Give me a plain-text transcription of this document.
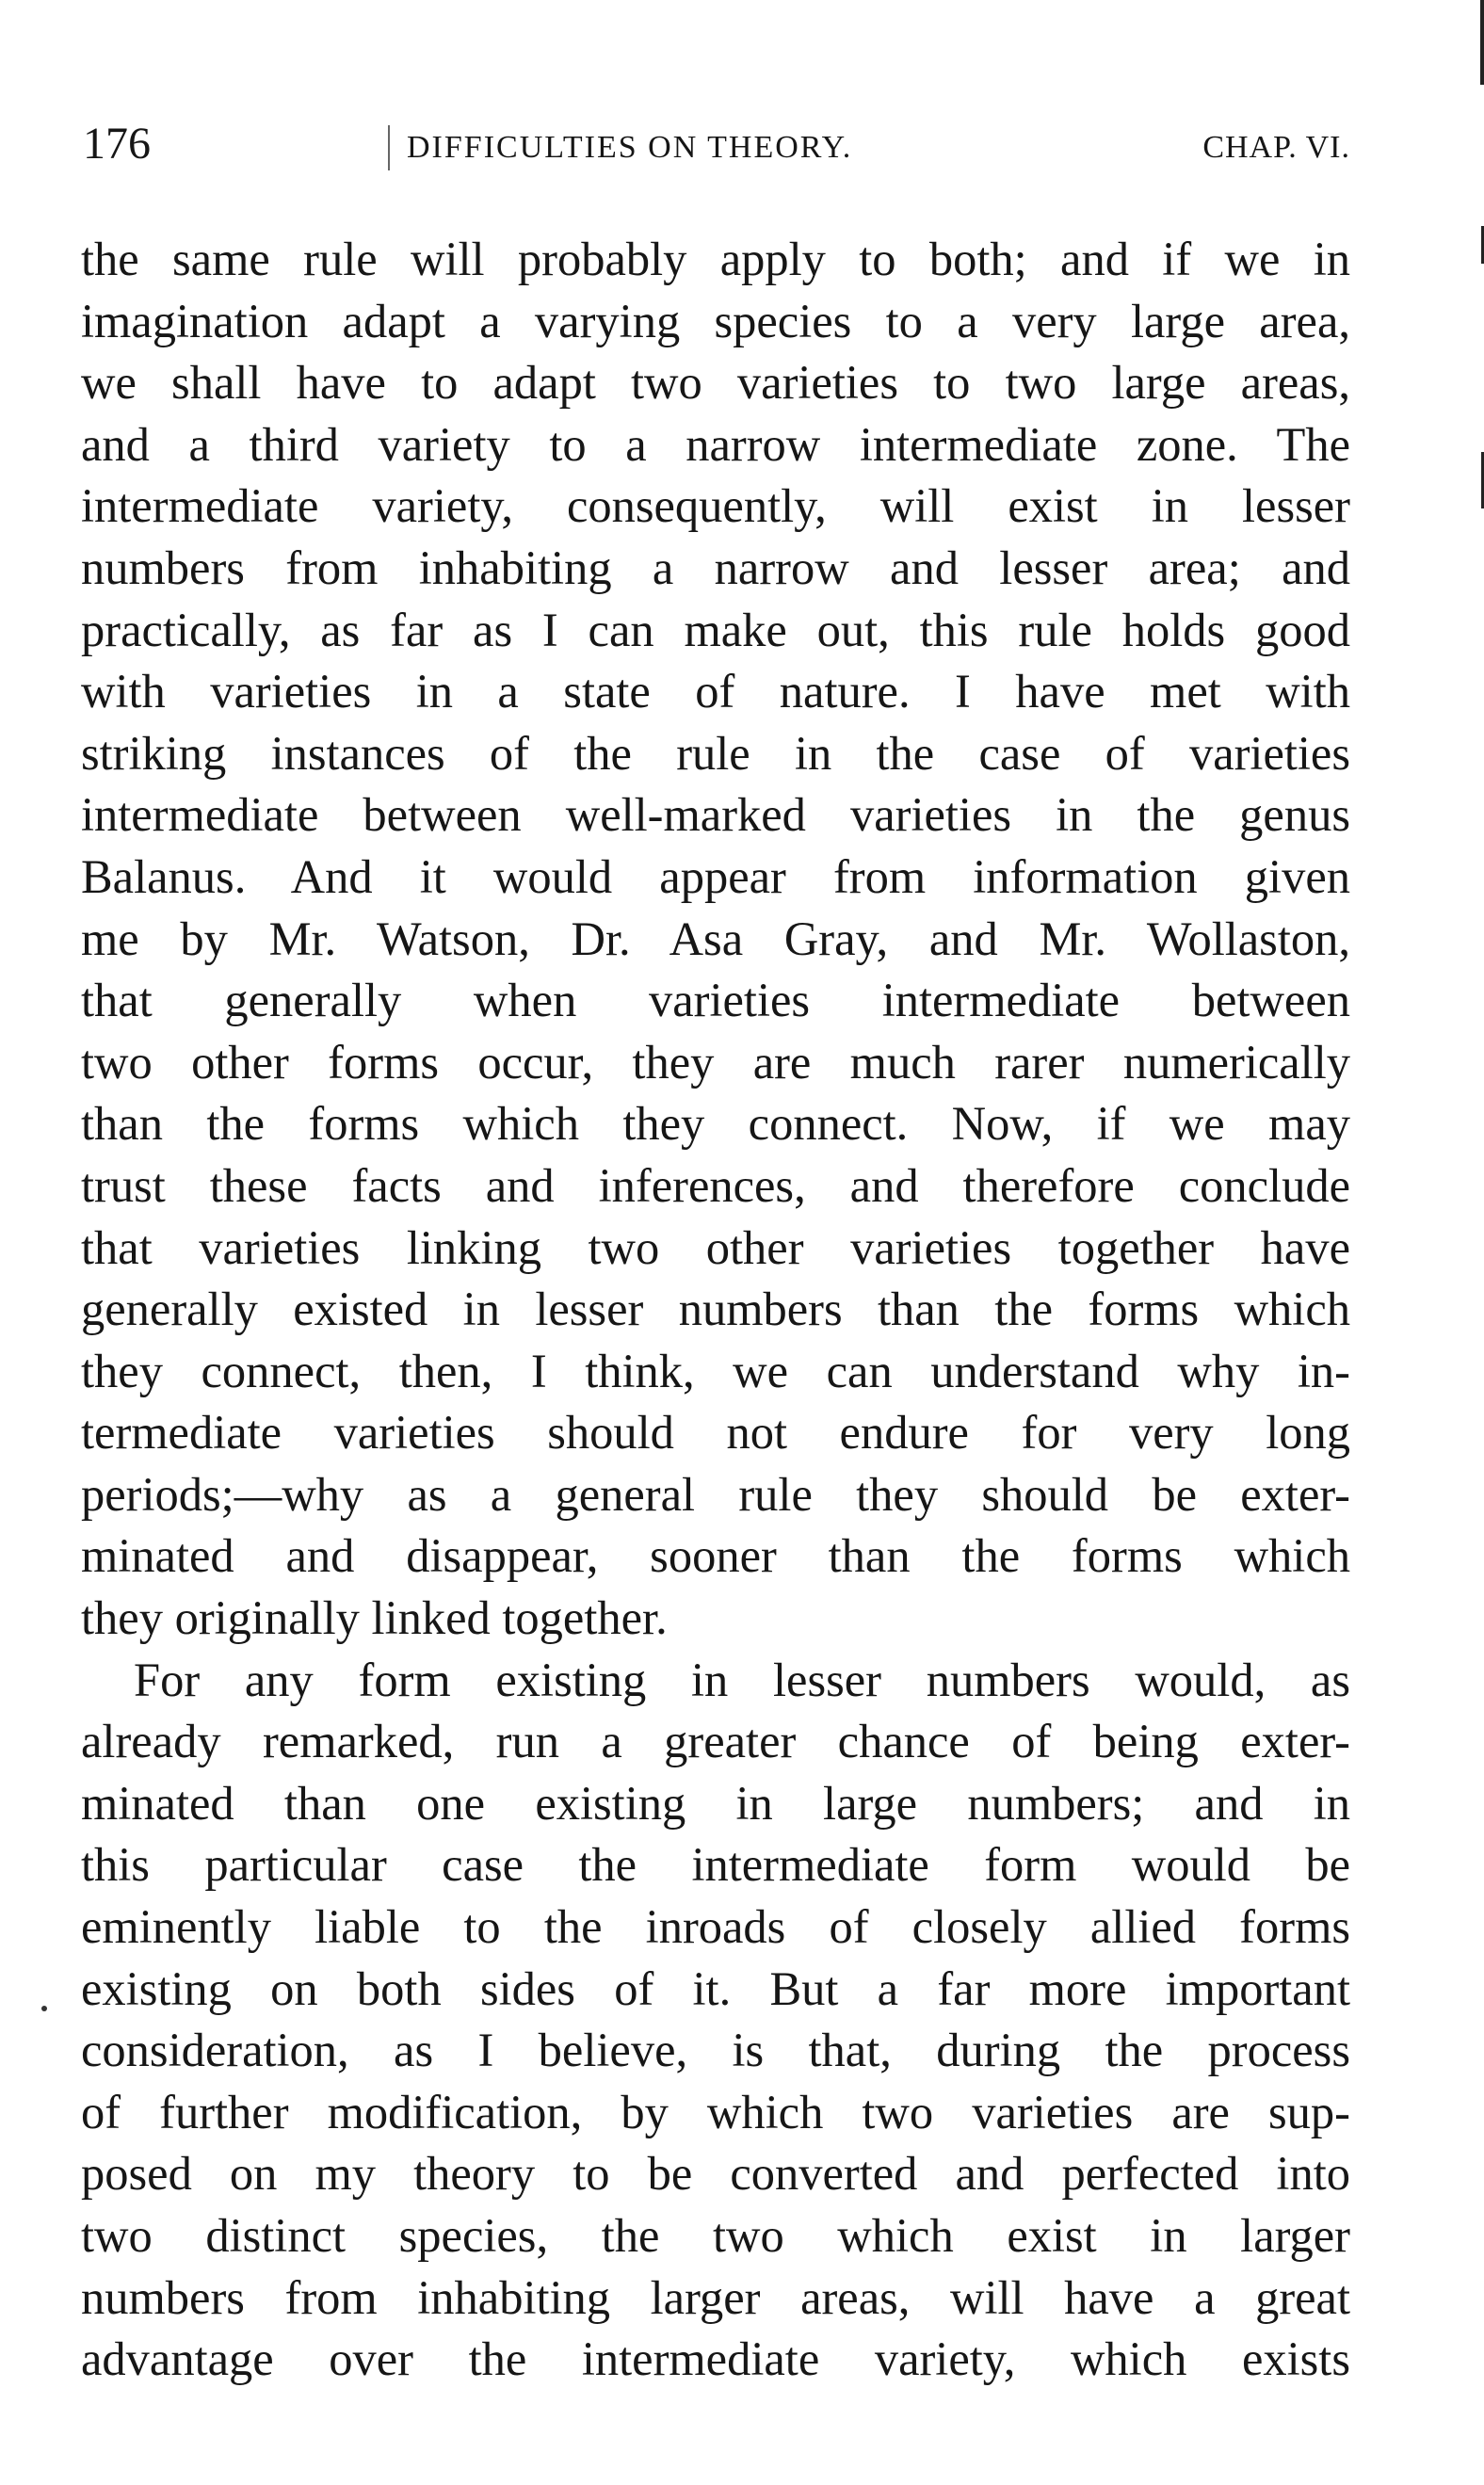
176	DIFFICULTIES ON THEORY.	CHAP. VI.
the same rule will probably apply to both; and if we in
imagination adapt a varying species to a very large area,
we shall have to adapt two varieties to two large areas,
and a third variety to a narrow intermediate zone. The
intermediate variety, consequently, will exist in lesser
numbers from inhabiting a narrow and lesser area; and
practically, as far as I can make out, this rule holds good
with varieties in a state of nature. I have met with
striking instances of the rule in the case of varieties
intermediate between well-marked varieties in the genus
Balanus. And it would appear from information given
me by Mr. Watson, Dr. Asa Gray, and Mr. Wollaston,
that generally when varieties intermediate between
two other forms occur, they are much rarer numerically
than the forms which they connect. Now, if we may
trust these facts and inferences, and therefore conclude
that varieties linking two other varieties together have
generally existed in lesser numbers than the forms which
they connect, then, I think, we can understand why in-
termediate varieties should not endure for very long
periods;—why as a general rule they should be exter-
minated and disappear, sooner than the forms which
they originally linked together.
For any form existing in lesser numbers would, as
already remarked, run a greater chance of being exter-
minated than one existing in large numbers; and in
this particular case the intermediate form would be
eminently liable to the inroads of closely allied forms
existing on both sides of it. But a far more important
consideration, as I believe, is that, during the process
of further modification, by which two varieties are sup-
posed on my theory to be converted and perfected into
two distinct species, the two which exist in larger
numbers from inhabiting larger areas, will have a great
advantage over the intermediate variety, which exists
